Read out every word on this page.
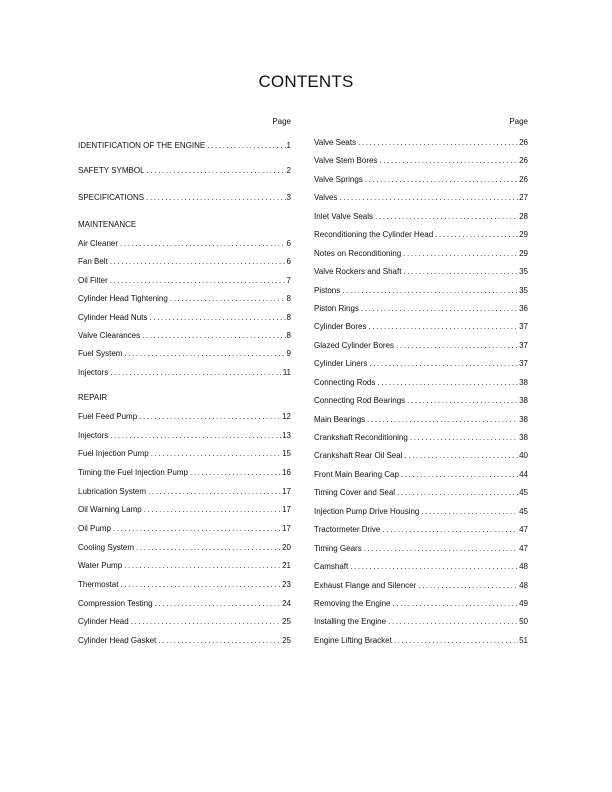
CONTENTS
Page	Page
MAINTENANCE
REPAIR
IDENTIFICATION OF THE ENGINE . . .	1
SAFETY SYMBOL . . .	2
SPECIFICATIONS . . .	3
Air Cleaner . . .	6
Fan Belt . . .	6
Oil Filter . . .	7
Cylinder Head Tightening . . .	8
Cylinder Head Nuts . . .	8
Valve Clearances . . .	8
Fuel System . . .	9
Injectors . . .	11
Fuel Feed Pump . . .	12
Injectors . . .	13
Fuel Injection Pump . . .	15
Timing the Fuel Injection Pump . . .	16
Lubrication System . . .	17
Oil Warning Lamp . . .	17
Oil Pump . . .	17
Cooling System . . .	20
Water Pump . . .	21
Thermostat . . .	23
Compression Testing . . .	24
Cylinder Head . . .	25
Cylinder Head Gasket . . .	25
Valve Seats . . .	26
Valve Stem Bores . . .	26
Valve Springs . . .	26
Valves . . .	27
Inlet Valve Seals . . .	28
Reconditioning the Cylinder Head . . .	29
Notes on Reconditioning . . .	29
Valve Rockers and Shaft . . .	35
Pistons . . .	35
Piston Rings . . .	36
Cylinder Bores . . .	37
Glazed Cylinder Bores . . .	37
Cylinder Liners . . .	37
Connecting Rods . . .	38
Connecting Rod Bearings . . .	38
Main Bearings . . .	38
Crankshaft Reconditioning . . .	38
Crankshaft Rear Oil Seal . . .	40
Front Main Bearing Cap . . .	44
Timing Cover and Seal . . .	45
Injection Pump Drive Housing . . .	45
Tractormeter Drive . . .	47
Timing Gears . . .	47
Camshaft . . .	48
Exhaust Flange and Silencer . . .	48
Removing the Engine . . .	49
Installing the Engine . . .	50
Engine Lifting Bracket . . .	51
